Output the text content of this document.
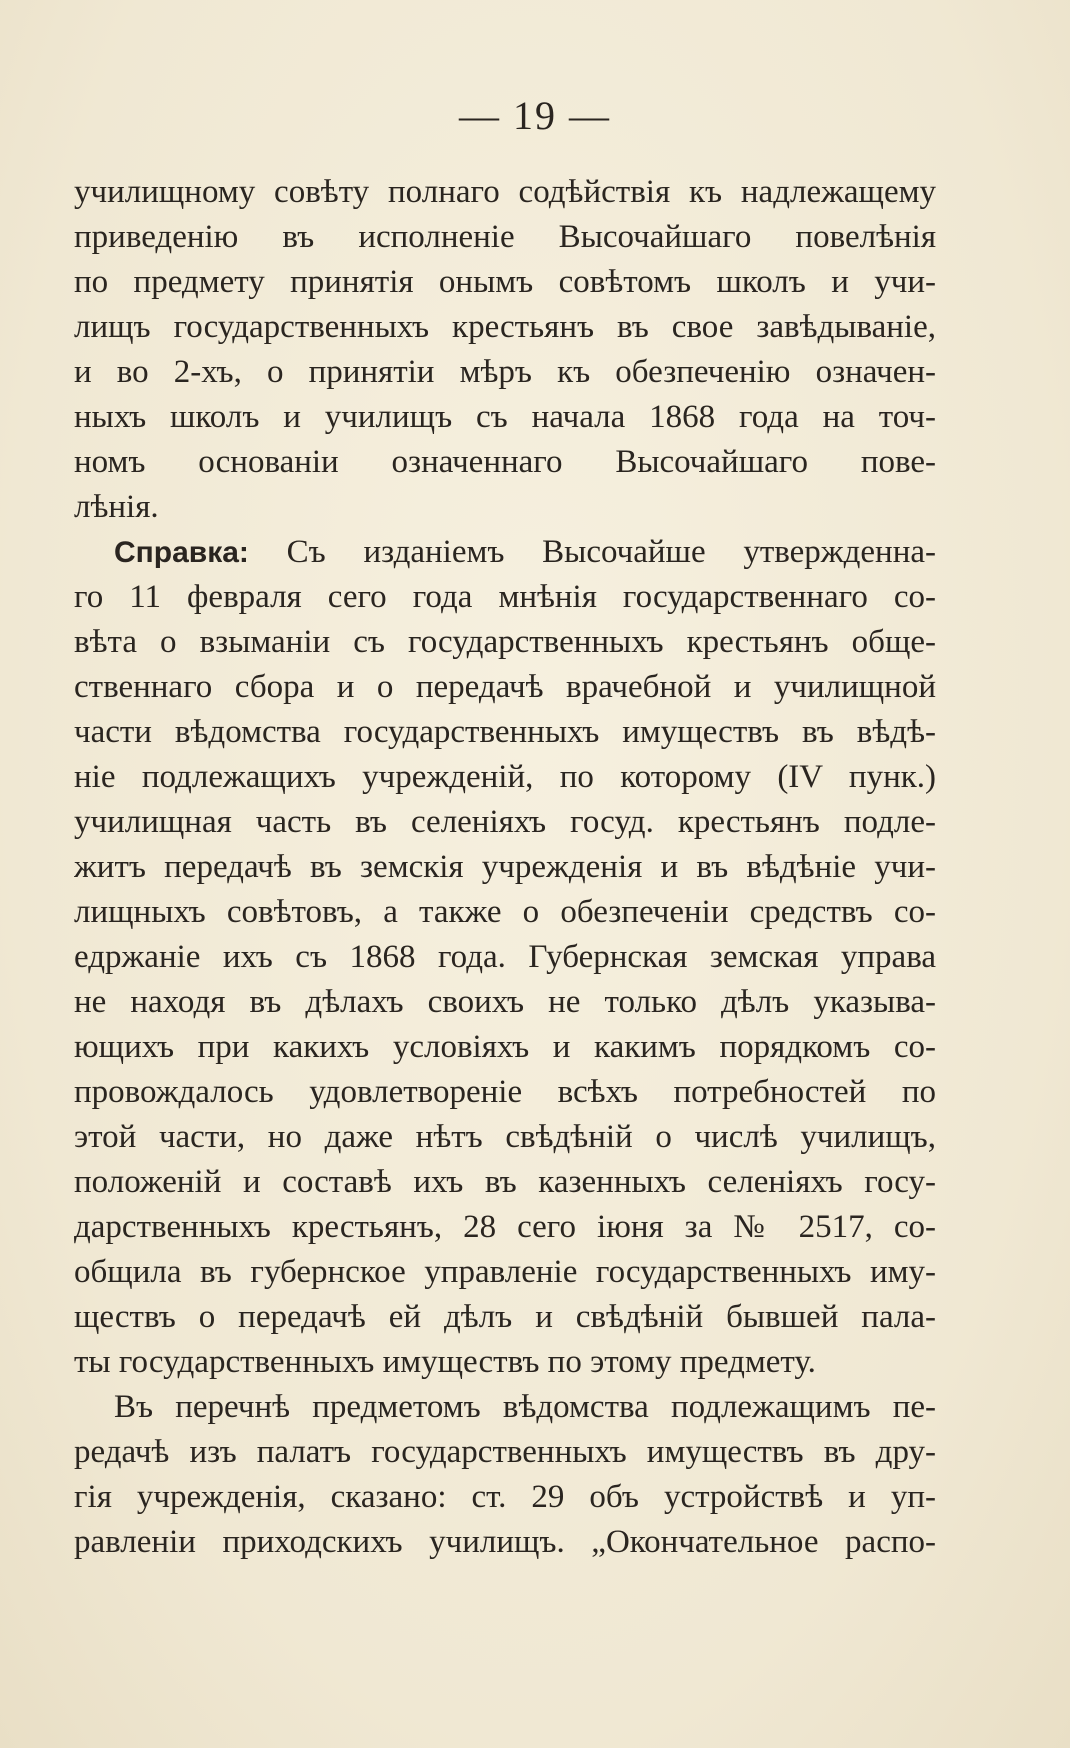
— 19 —
училищному совѣту полнаго содѣйствія къ надлежащему
приведенію въ исполненіе Высочайшаго повелѣнія
по предмету принятія онымъ совѣтомъ школъ и учи-
лищъ государственныхъ крестьянъ въ свое завѣдываніе,
и во 2-хъ, о принятіи мѣръ къ обезпеченію означен-
ныхъ школъ и училищъ съ начала 1868 года на точ-
номъ основаніи означеннаго Высочайшаго пове-
лѣнія.
Справка: Съ изданіемъ Высочайше утвержденна-
го 11 февраля сего года мнѣнія государственнаго со-
вѣта о взыманіи съ государственныхъ крестьянъ обще-
ственнаго сбора и о передачѣ врачебной и училищной
части вѣдомства государственныхъ имуществъ въ вѣдѣ-
ніе подлежащихъ учрежденій, по которому (IV пунк.)
училищная часть въ селеніяхъ госуд. крестьянъ подле-
житъ передачѣ въ земскія учрежденія и въ вѣдѣніе учи-
лищныхъ совѣтовъ, а также о обезпеченіи средствъ со-
едржаніе ихъ съ 1868 года. Губернская земская управа
не находя въ дѣлахъ своихъ не только дѣлъ указыва-
ющихъ при какихъ условіяхъ и какимъ порядкомъ со-
провождалось удовлетвореніе всѣхъ потребностей по
этой части, но даже нѣтъ свѣдѣній о числѣ училищъ,
положеній и составѣ ихъ въ казенныхъ селеніяхъ госу-
дарственныхъ крестьянъ, 28 сего іюня за № 2517, со-
общила въ губернское управленіе государственныхъ иму-
ществъ о передачѣ ей дѣлъ и свѣдѣній бывшей пала-
ты государственныхъ имуществъ по этому предмету.
Въ перечнѣ предметомъ вѣдомства подлежащимъ пе-
редачѣ изъ палатъ государственныхъ имуществъ въ дру-
гія учрежденія, сказано: ст. 29 объ устройствѣ и уп-
равленіи приходскихъ училищъ. „Окончательное распо-
